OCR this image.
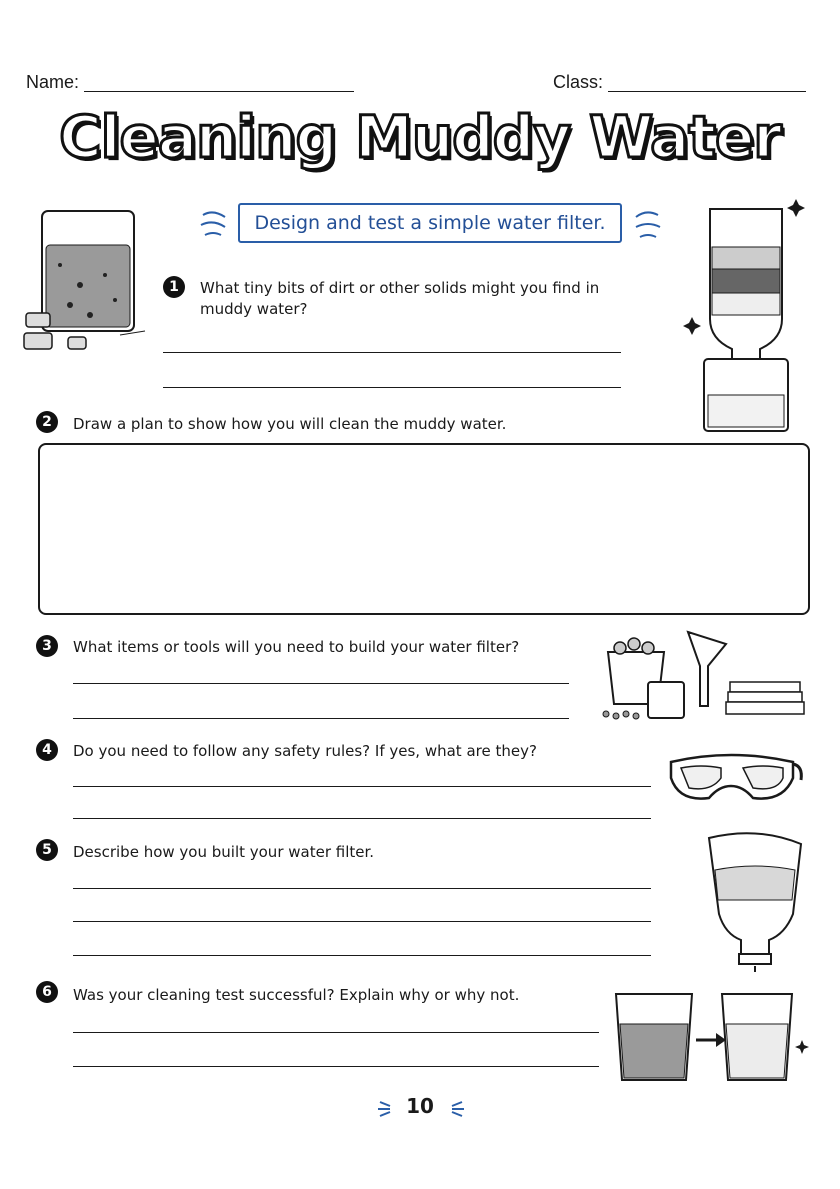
Name:	Class:
Cleaning Muddy Water
Design and test a simple water filter.
1	What tiny bits of dirt or other solids might you find in
muddy water?
2	Draw a plan to show how you will clean the muddy water.
3	What items or tools will you need to build your water filter?
4	Do you need to follow any safety rules? If yes, what are they?
5	Describe how you built your water filter.
6	Was your cleaning test successful? Explain why or why not.
10
